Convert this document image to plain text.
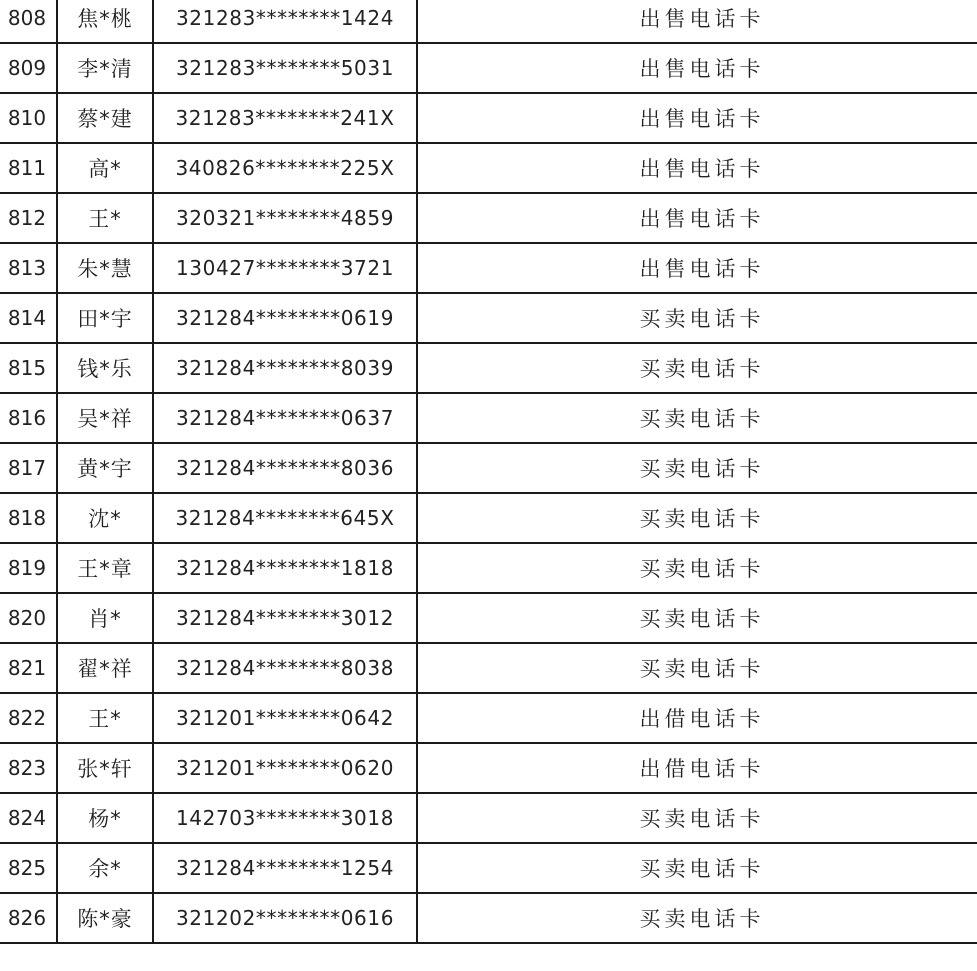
808	焦*桃	321283********1424	出售电话卡
809	李*清	321283********5031	出售电话卡
810	蔡*建	321283********241X	出售电话卡
811	高*	340826********225X	出售电话卡
812	王*	320321********4859	出售电话卡
813	朱*慧	130427********3721	出售电话卡
814	田*宇	321284********0619	买卖电话卡
815	钱*乐	321284********8039	买卖电话卡
816	吴*祥	321284********0637	买卖电话卡
817	黄*宇	321284********8036	买卖电话卡
818	沈*	321284********645X	买卖电话卡
819	王*章	321284********1818	买卖电话卡
820	肖*	321284********3012	买卖电话卡
821	翟*祥	321284********8038	买卖电话卡
822	王*	321201********0642	出借电话卡
823	张*轩	321201********0620	出借电话卡
824	杨*	142703********3018	买卖电话卡
825	余*	321284********1254	买卖电话卡
826	陈*豪	321202********0616	买卖电话卡
